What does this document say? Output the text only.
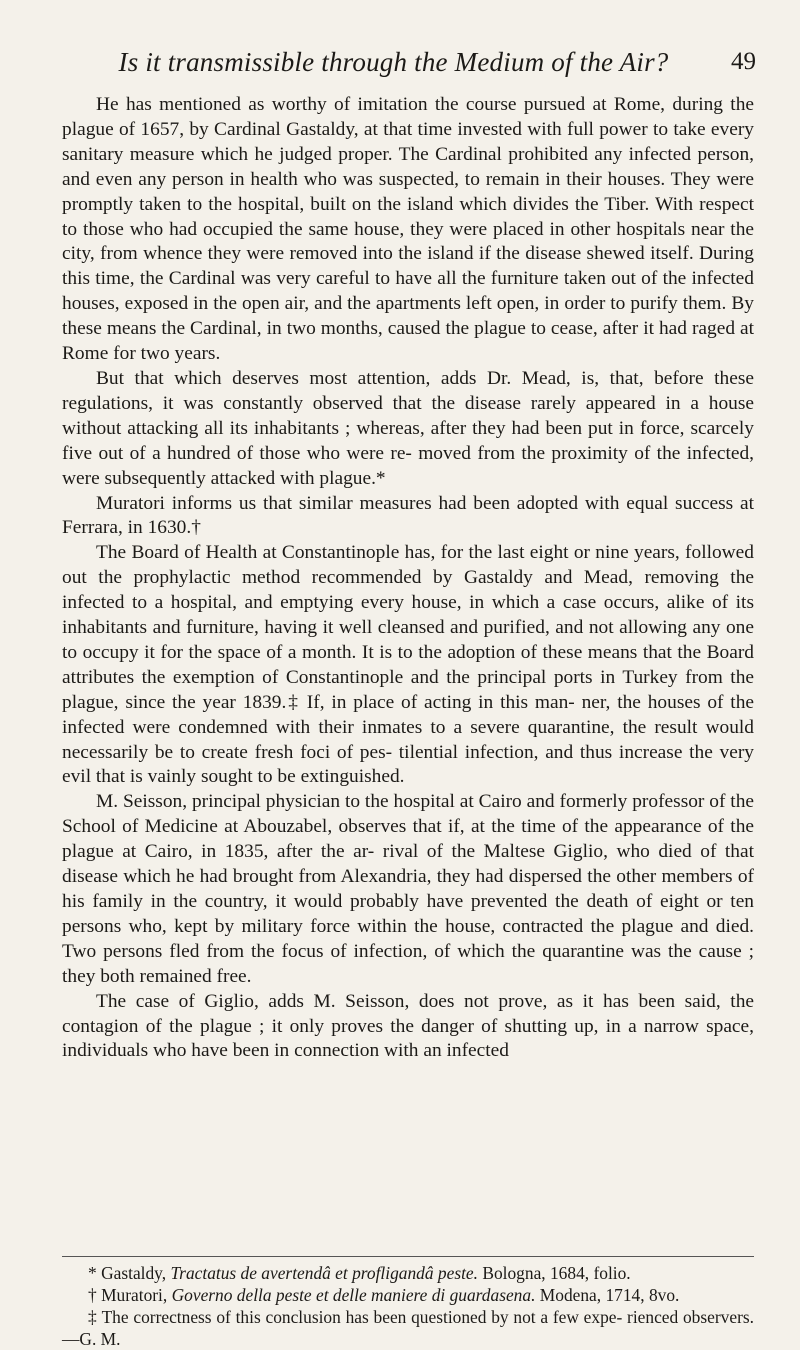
Is it transmissible through the Medium of the Air?	49

He has mentioned as worthy of imitation the course pursued at Rome, during the plague of 1657, by Cardinal Gastaldy, at that time invested with full power to take every sanitary measure which he judged proper. The Cardinal prohibited any infected person, and even any person in health who was suspected, to remain in their houses. They were promptly taken to the hospital, built on the island which divides the Tiber. With respect to those who had occupied the same house, they were placed in other hospitals near the city, from whence they were removed into the island if the disease shewed itself. During this time, the Cardinal was very careful to have all the furniture taken out of the infected houses, exposed in the open air, and the apartments left open, in order to purify them. By these means the Cardinal, in two months, caused the plague to cease, after it had raged at Rome for two years.

But that which deserves most attention, adds Dr. Mead, is, that, before these regulations, it was constantly observed that the disease rarely appeared in a house without attacking all its inhabitants ; whereas, after they had been put in force, scarcely five out of a hundred of those who were re- moved from the proximity of the infected, were subsequently attacked with plague.*

Muratori informs us that similar measures had been adopted with equal success at Ferrara, in 1630.†

The Board of Health at Constantinople has, for the last eight or nine years, followed out the prophylactic method recommended by Gastaldy and Mead, removing the infected to a hospital, and emptying every house, in which a case occurs, alike of its inhabitants and furniture, having it well cleansed and purified, and not allowing any one to occupy it for the space of a month. It is to the adoption of these means that the Board attributes the exemption of Constantinople and the principal ports in Turkey from the plague, since the year 1839.‡ If, in place of acting in this man- ner, the houses of the infected were condemned with their inmates to a severe quarantine, the result would necessarily be to create fresh foci of pes- tilential infection, and thus increase the very evil that is vainly sought to be extinguished.

M. Seisson, principal physician to the hospital at Cairo and formerly professor of the School of Medicine at Abouzabel, observes that if, at the time of the appearance of the plague at Cairo, in 1835, after the ar- rival of the Maltese Giglio, who died of that disease which he had brought from Alexandria, they had dispersed the other members of his family in the country, it would probably have prevented the death of eight or ten persons who, kept by military force within the house, contracted the plague and died. Two persons fled from the focus of infection, of which the quarantine was the cause ; they both remained free.

The case of Giglio, adds M. Seisson, does not prove, as it has been said, the contagion of the plague ; it only proves the danger of shutting up, in a narrow space, individuals who have been in connection with an infected

* Gastaldy, Tractatus de avertendâ et profligandâ peste. Bologna, 1684, folio.

† Muratori, Governo della peste et delle maniere di guardasena. Modena, 1714, 8vo.

‡ The correctness of this conclusion has been questioned by not a few expe- rienced observers.—G. M.
